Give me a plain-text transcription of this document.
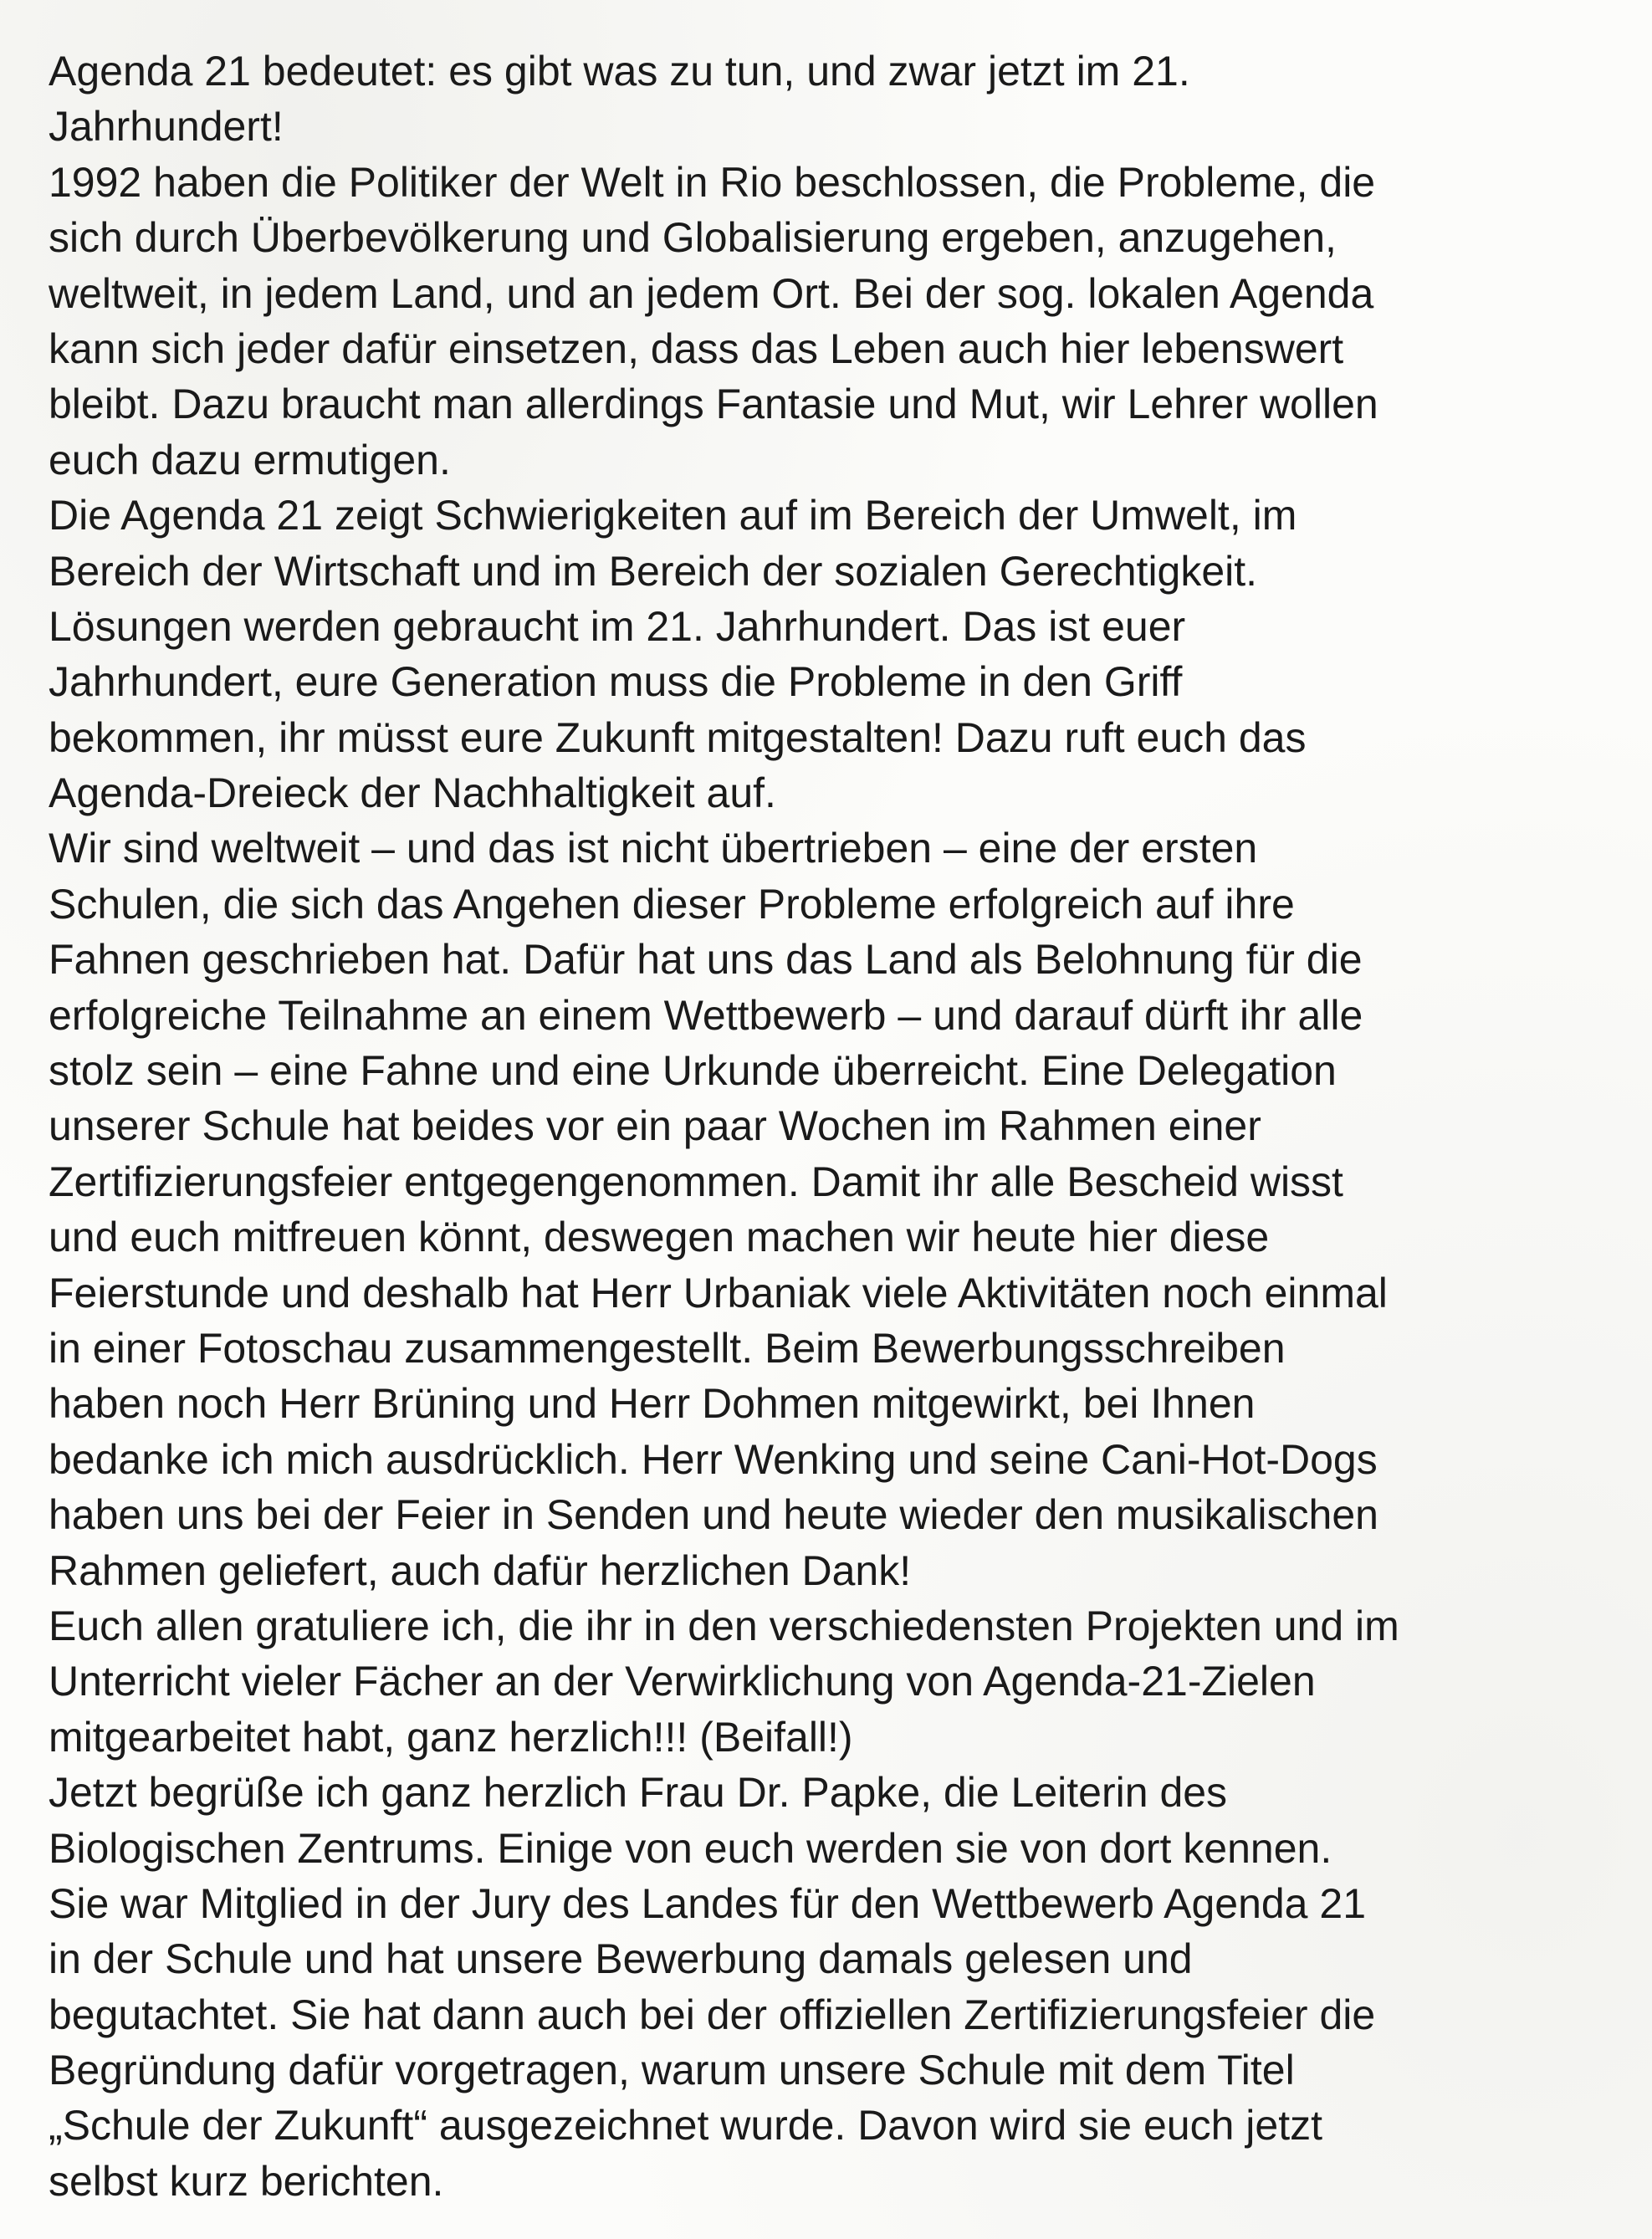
Agenda 21 bedeutet: es gibt was zu tun, und zwar jetzt im 21.
Jahrhundert!
1992 haben die Politiker der Welt in Rio beschlossen, die Probleme, die
sich durch Überbevölkerung und Globalisierung ergeben, anzugehen,
weltweit, in jedem Land, und an jedem Ort. Bei der sog. lokalen Agenda
kann sich jeder dafür einsetzen, dass das Leben auch hier lebenswert
bleibt. Dazu braucht man allerdings Fantasie und Mut, wir Lehrer wollen
euch dazu ermutigen.
Die Agenda 21 zeigt Schwierigkeiten auf im Bereich der Umwelt, im
Bereich der Wirtschaft und im Bereich der sozialen Gerechtigkeit.
Lösungen werden gebraucht im 21. Jahrhundert. Das ist euer
Jahrhundert, eure Generation muss die Probleme in den Griff
bekommen, ihr müsst eure Zukunft mitgestalten! Dazu ruft euch das
Agenda-Dreieck der Nachhaltigkeit auf.
Wir sind weltweit – und das ist nicht übertrieben – eine der ersten
Schulen, die sich das Angehen dieser Probleme erfolgreich auf ihre
Fahnen geschrieben hat. Dafür hat uns das Land als Belohnung für die
erfolgreiche Teilnahme an einem Wettbewerb – und darauf dürft ihr alle
stolz sein – eine Fahne und eine Urkunde überreicht. Eine Delegation
unserer Schule hat beides vor ein paar Wochen im Rahmen einer
Zertifizierungsfeier entgegengenommen. Damit ihr alle Bescheid wisst
und euch mitfreuen könnt, deswegen machen wir heute hier diese
Feierstunde und deshalb hat Herr Urbaniak viele Aktivitäten noch einmal
in einer Fotoschau zusammengestellt. Beim Bewerbungsschreiben
haben noch Herr Brüning und Herr Dohmen mitgewirkt, bei Ihnen
bedanke ich mich ausdrücklich. Herr Wenking und seine Cani-Hot-Dogs
haben uns bei der Feier in Senden und heute wieder den musikalischen
Rahmen geliefert, auch dafür herzlichen Dank!
Euch allen gratuliere ich, die ihr in den verschiedensten Projekten und im
Unterricht vieler Fächer an der Verwirklichung von Agenda-21-Zielen
mitgearbeitet habt, ganz herzlich!!! (Beifall!)
Jetzt begrüße ich ganz herzlich Frau Dr. Papke, die Leiterin des
Biologischen Zentrums. Einige von euch werden sie von dort kennen.
Sie war Mitglied in der Jury des Landes für den Wettbewerb Agenda 21
in der Schule und hat unsere Bewerbung damals gelesen und
begutachtet. Sie hat dann auch bei der offiziellen Zertifizierungsfeier die
Begründung dafür vorgetragen, warum unsere Schule mit dem Titel
„Schule der Zukunft“ ausgezeichnet wurde. Davon wird sie euch jetzt
selbst kurz berichten.
